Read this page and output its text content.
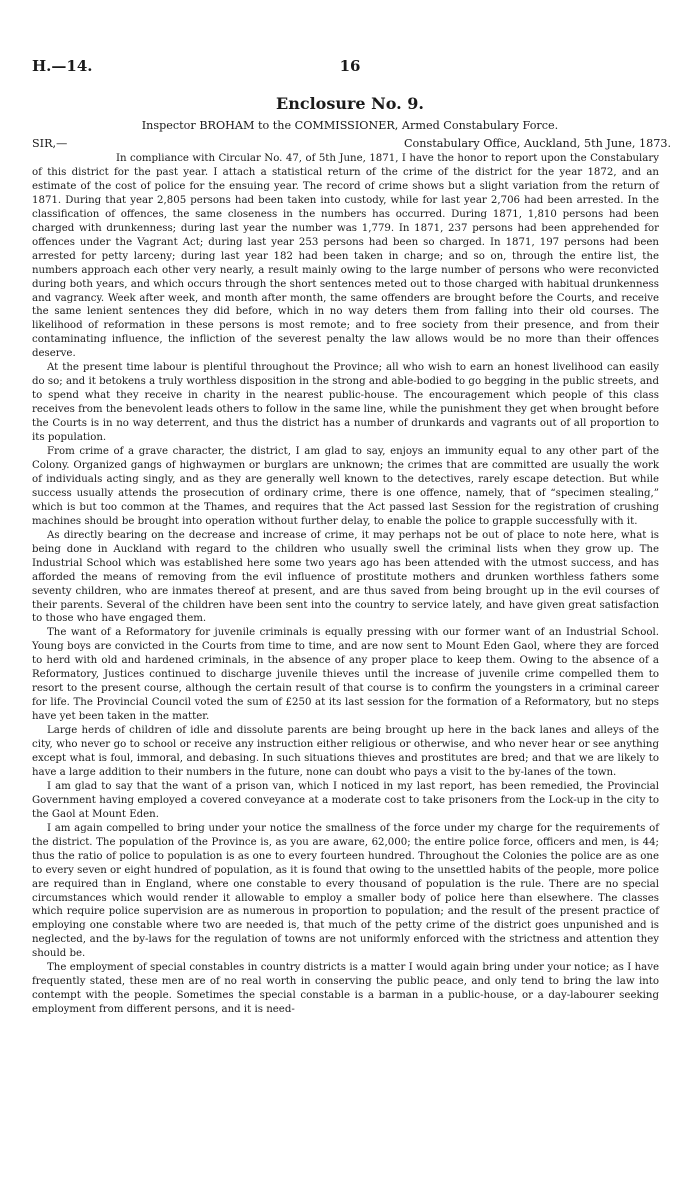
H.—14.	16
Enclosure No. 9.
Inspector BROHAM to the COMMISSIONER, Armed Constabulary Force.
SIR,—	Constabulary Office, Auckland, 5th June, 1873.

In compliance with Circular No. 47, of 5th June, 1871, I have the honor to report upon the Constabulary of this district for the past year. I attach a statistical return of the crime of the district for the year 1872, and an estimate of the cost of police for the ensuing year. The record of crime shows but a slight variation from the return of 1871. During that year 2,805 persons had been taken into custody, while for last year 2,706 had been arrested. In the classification of offences, the same closeness in the numbers has occurred. During 1871, 1,810 persons had been charged with drunkenness; during last year the number was 1,779. In 1871, 237 persons had been apprehended for offences under the Vagrant Act; during last year 253 persons had been so charged. In 1871, 197 persons had been arrested for petty larceny; during last year 182 had been taken in charge; and so on, through the entire list, the numbers approach each other very nearly, a result mainly owing to the large number of persons who were reconvicted during both years, and which occurs through the short sentences meted out to those charged with habitual drunkenness and vagrancy. Week after week, and month after month, the same offenders are brought before the Courts, and receive the same lenient sentences they did before, which in no way deters them from falling into their old courses. The likelihood of reformation in these persons is most remote; and to free society from their presence, and from their contaminating influence, the infliction of the severest penalty the law allows would be no more than their offences deserve.

At the present time labour is plentiful throughout the Province; all who wish to earn an honest livelihood can easily do so; and it betokens a truly worthless disposition in the strong and able-bodied to go begging in the public streets, and to spend what they receive in charity in the nearest public-house. The encouragement which people of this class receives from the benevolent leads others to follow in the same line, while the punishment they get when brought before the Courts is in no way deterrent, and thus the district has a number of drunkards and vagrants out of all proportion to its population.

From crime of a grave character, the district, I am glad to say, enjoys an immunity equal to any other part of the Colony. Organized gangs of highwaymen or burglars are unknown; the crimes that are committed are usually the work of individuals acting singly, and as they are generally well known to the detectives, rarely escape detection. But while success usually attends the prosecution of ordinary crime, there is one offence, namely, that of “specimen stealing,” which is but too common at the Thames, and requires that the Act passed last Session for the registration of crushing machines should be brought into operation without further delay, to enable the police to grapple successfully with it.

As directly bearing on the decrease and increase of crime, it may perhaps not be out of place to note here, what is being done in Auckland with regard to the children who usually swell the criminal lists when they grow up. The Industrial School which was established here some two years ago has been attended with the utmost success, and has afforded the means of removing from the evil influence of prostitute mothers and drunken worthless fathers some seventy children, who are inmates thereof at present, and are thus saved from being brought up in the evil courses of their parents. Several of the children have been sent into the country to service lately, and have given great satisfaction to those who have engaged them.

The want of a Reformatory for juvenile criminals is equally pressing with our former want of an Industrial School. Young boys are convicted in the Courts from time to time, and are now sent to Mount Eden Gaol, where they are forced to herd with old and hardened criminals, in the absence of any proper place to keep them. Owing to the absence of a Reformatory, Justices continued to discharge juvenile thieves until the increase of juvenile crime compelled them to resort to the present course, although the certain result of that course is to confirm the youngsters in a criminal career for life. The Provincial Council voted the sum of £250 at its last session for the formation of a Reformatory, but no steps have yet been taken in the matter.

Large herds of children of idle and dissolute parents are being brought up here in the back lanes and alleys of the city, who never go to school or receive any instruction either religious or otherwise, and who never hear or see anything except what is foul, immoral, and debasing. In such situations thieves and prostitutes are bred; and that we are likely to have a large addition to their numbers in the future, none can doubt who pays a visit to the by-lanes of the town.

I am glad to say that the want of a prison van, which I noticed in my last report, has been remedied, the Provincial Government having employed a covered conveyance at a moderate cost to take prisoners from the Lock-up in the city to the Gaol at Mount Eden.

I am again compelled to bring under your notice the smallness of the force under my charge for the requirements of the district. The population of the Province is, as you are aware, 62,000; the entire police force, officers and men, is 44; thus the ratio of police to population is as one to every fourteen hundred. Throughout the Colonies the police are as one to every seven or eight hundred of population, as it is found that owing to the unsettled habits of the people, more police are required than in England, where one constable to every thousand of population is the rule. There are no special circumstances which would render it allowable to employ a smaller body of police here than elsewhere. The classes which require police supervision are as numerous in proportion to population; and the result of the present practice of employing one constable where two are needed is, that much of the petty crime of the district goes unpunished and is neglected, and the by-laws for the regulation of towns are not uniformly enforced with the strictness and attention they should be.

The employment of special constables in country districts is a matter I would again bring under your notice; as I have frequently stated, these men are of no real worth in conserving the public peace, and only tend to bring the law into contempt with the people. Sometimes the special constable is a barman in a public-house, or a day-labourer seeking employment from different persons, and it is need-
